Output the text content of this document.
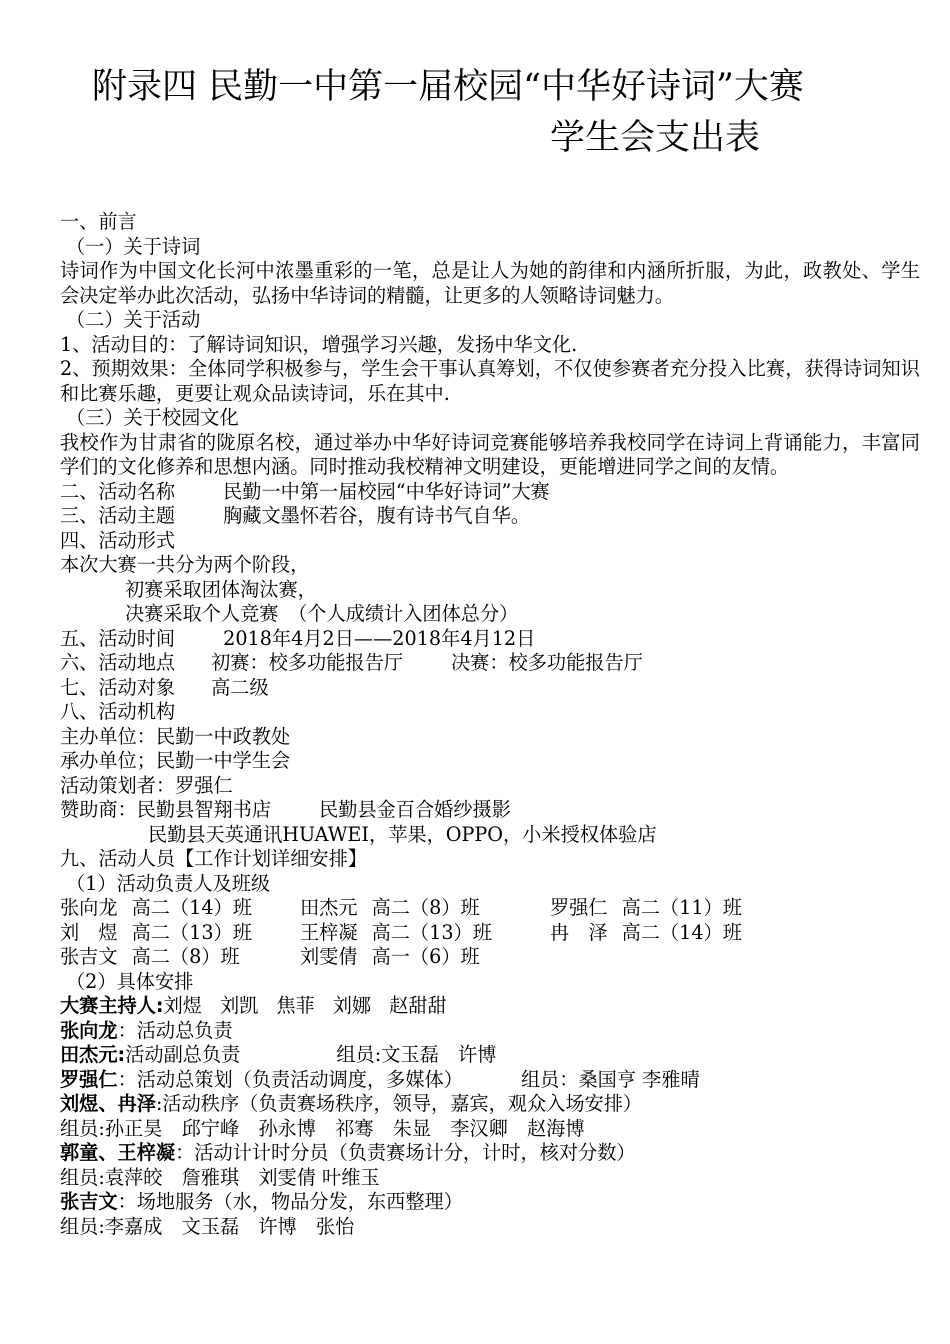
附录四 民勤一中第一届校园“中华好诗词”大赛
学生会支出表
一、前言
（一）关于诗词
诗词作为中国文化长河中浓墨重彩的一笔，总是让人为她的韵律和内涵所折服，为此，政教处、学生会决定举办此次活动，弘扬中华诗词的精髓，让更多的人领略诗词魅力。
（二）关于活动
1、活动目的：了解诗词知识，增强学习兴趣，发扬中华文化.
2、预期效果：全体同学积极参与，学生会干事认真筹划，不仅使参赛者充分投入比赛，获得诗词知识和比赛乐趣，更要让观众品读诗词，乐在其中.
（三）关于校园文化
我校作为甘肃省的陇原名校，通过举办中华好诗词竞赛能够培养我校同学在诗词上背诵能力，丰富同学们的文化修养和思想内涵。同时推动我校精神文明建设，更能增进同学之间的友情。
二、活动名称	民勤一中第一届校园“中华好诗词”大赛
三、活动主题	胸藏文墨怀若谷，腹有诗书气自华。
四、活动形式
本次大赛一共分为两个阶段，
初赛采取团体淘汰赛，
决赛采取个人竞赛　（个人成绩计入团体总分）
五、活动时间	2018年4月2日——2018年4月12日
六、活动地点 初赛：校多功能报告厅	决赛：校多功能报告厅
七、活动对象 高二级
八、活动机构
主办单位：民勤一中政教处
承办单位；民勤一中学生会
活动策划者：罗强仁
赞助商：民勤县智翔书店	民勤县金百合婚纱摄影
民勤县天英通讯HUAWEI，苹果，OPPO，小米授权体验店
九、活动人员【工作计划详细安排】
（1）活动负责人及班级
张向龙 高二（14）班	田杰元 高二（8）班	罗强仁 高二（11）班
刘　煜 高二（13）班	王梓凝 高二（13）班	冉　泽 高二（14）班
张吉文 高二（8）班	刘雯倩 高一（6）班
（2）具体安排
大赛主持人:刘煜 刘凯 焦菲 刘娜 赵甜甜
张向龙：活动总负责
田杰元:活动副总负责	组员:文玉磊　许博
罗强仁：活动总策划（负责活动调度，多媒体）	组员：桑国亨 李雅晴
刘煜、冉泽:活动秩序（负责赛场秩序，领导，嘉宾，观众入场安排）
组员:孙正昊　邱宁峰　孙永博　祁骞　朱显　李汉卿　赵海博
郭童、王梓凝：活动计计时分员（负责赛场计分，计时，核对分数）
组员:袁萍皎　詹雅琪　刘雯倩 叶维玉
张吉文：场地服务（水，物品分发，东西整理）
组员:李嘉成　文玉磊　许博　张怡
